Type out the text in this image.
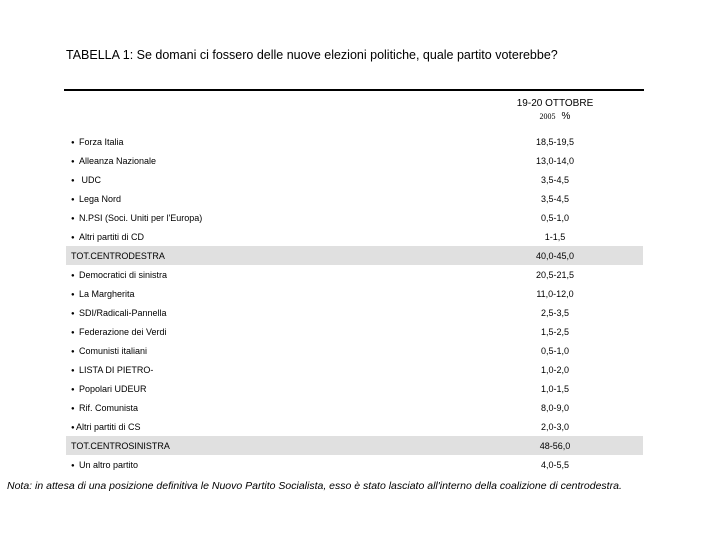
TABELLA 1: Se domani ci fossero delle nuove elezioni politiche, quale partito voterebbe?
19-20 OTTOBRE
2005 %
● Forza Italia	18,5-19,5
● Alleanza Nazionale	13,0-14,0
● UDC	3,5-4,5
● Lega Nord	3,5-4,5
● N.PSI (Soci. Uniti per l'Europa)	0,5-1,0
● Altri partiti di CD	1-1,5
TOT.CENTRODESTRA	40,0-45,0
● Democratici di sinistra	20,5-21,5
● La Margherita	11,0-12,0
● SDI/Radicali-Pannella	2,5-3,5
● Federazione dei Verdi	1,5-2,5
● Comunisti italiani	0,5-1,0
● LISTA DI PIETRO-	1,0-2,0
● Popolari UDEUR	1,0-1,5
● Rif. Comunista	8,0-9,0
●Altri partiti di CS	2,0-3,0
TOT.CENTROSINISTRA	48-56,0
● Un altro partito	4,0-5,5
Nota: in attesa di una posizione definitiva le Nuovo Partito Socialista, esso è stato lasciato all'interno della coalizione di centrodestra.
